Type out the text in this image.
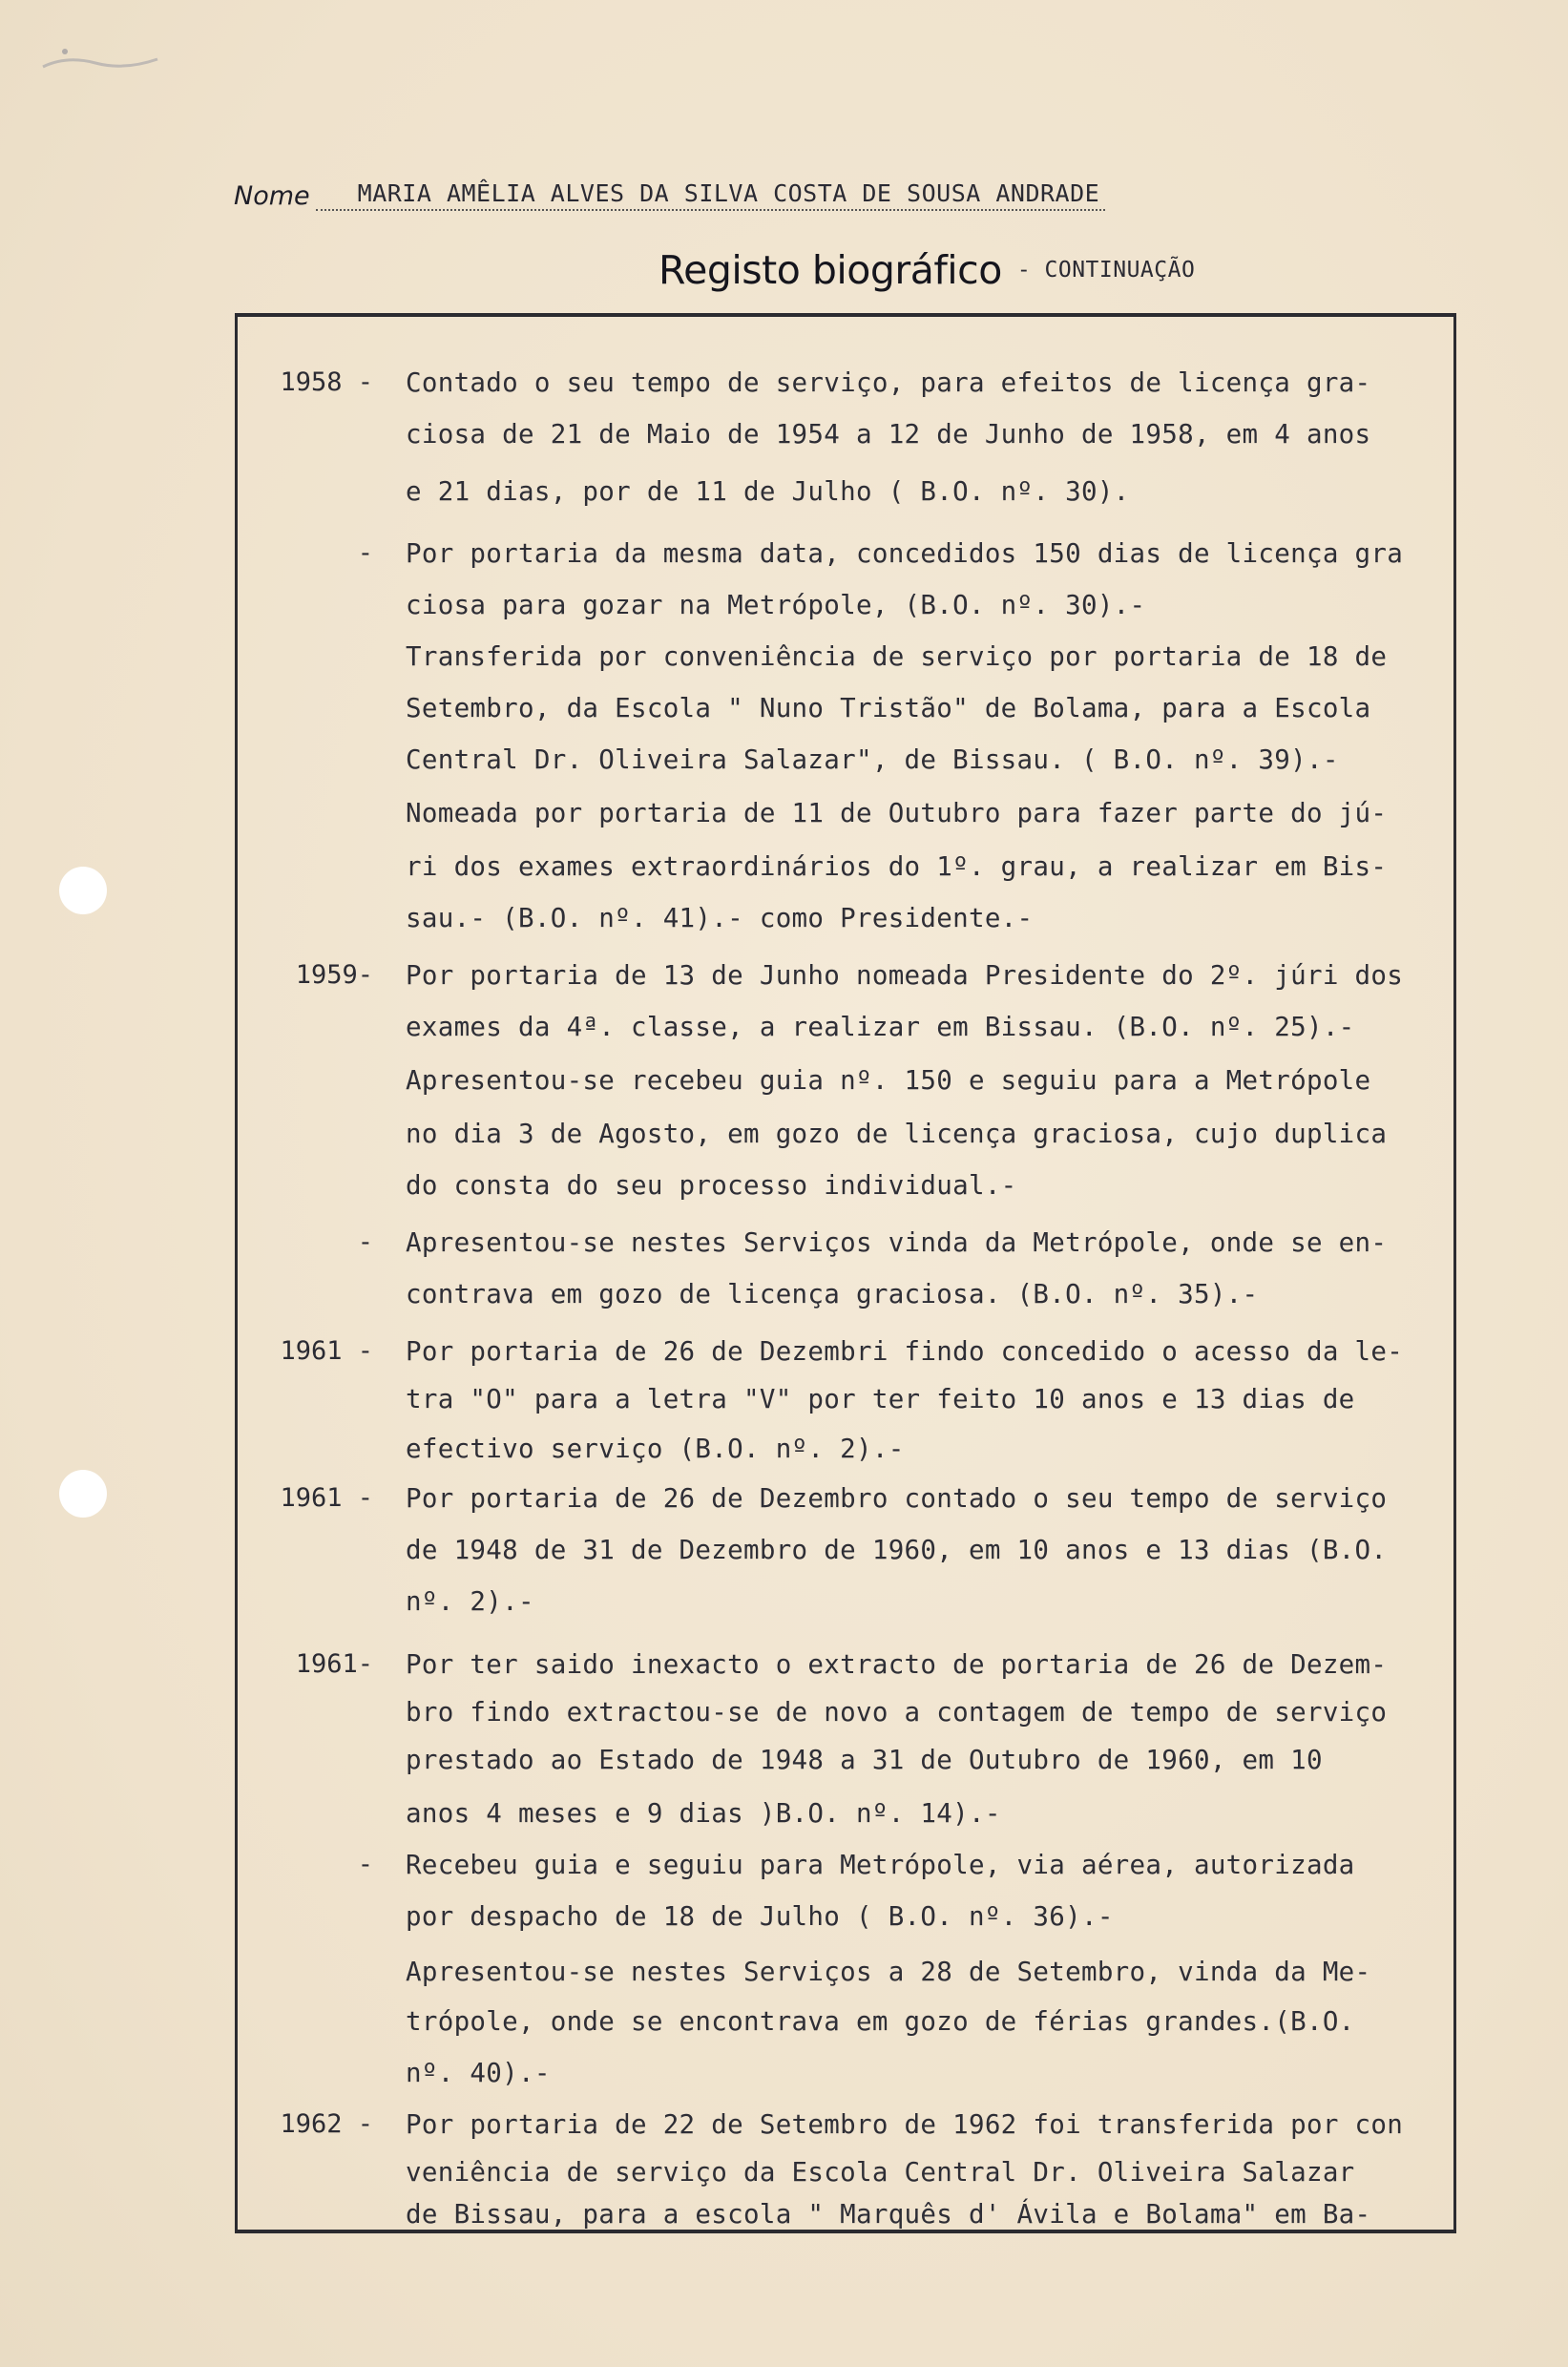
Nome	MARIA AMÊLIA ALVES DA SILVA COSTA DE SOUSA ANDRADE
Registo biográfico - CONTINUAÇÃO
1958 - Contado o seu tempo de serviço, para efeitos de licença gra-
ciosa de 21 de Maio de 1954 a 12 de Junho de 1958, em 4 anos
e 21 dias, por de 11 de Julho ( B.O. nº. 30).
- Por portaria da mesma data, concedidos 150 dias de licença gra
ciosa para gozar na Metrópole, (B.O. nº. 30).-
Transferida por conveniência de serviço por portaria de 18 de
Setembro, da Escola " Nuno Tristão" de Bolama, para a Escola
Central Dr. Oliveira Salazar", de Bissau. ( B.O. nº. 39).-
Nomeada por portaria de 11 de Outubro para fazer parte do jú-
ri dos exames extraordinários do 1º. grau, a realizar em Bis-
sau.- (B.O. nº. 41).- como Presidente.-
1959- Por portaria de 13 de Junho nomeada Presidente do 2º. júri dos
exames da 4ª. classe, a realizar em Bissau. (B.O. nº. 25).-
Apresentou-se recebeu guia nº. 150 e seguiu para a Metrópole
no dia 3 de Agosto, em gozo de licença graciosa, cujo duplica
do consta do seu processo individual.-
- Apresentou-se nestes Serviços vinda da Metrópole, onde se en-
contrava em gozo de licença graciosa. (B.O. nº. 35).-
1961 - Por portaria de 26 de Dezembri findo concedido o acesso da le-
tra "O" para a letra "V" por ter feito 10 anos e 13 dias de
efectivo serviço (B.O. nº. 2).-
1961 - Por portaria de 26 de Dezembro contado o seu tempo de serviço
de 1948 de 31 de Dezembro de 1960, em 10 anos e 13 dias (B.O.
nº. 2).-
1961- Por ter saido inexacto o extracto de portaria de 26 de Dezem-
bro findo extractou-se de novo a contagem de tempo de serviço
prestado ao Estado de 1948 a 31 de Outubro de 1960, em 10
anos 4 meses e 9 dias )B.O. nº. 14).-
- Recebeu guia e seguiu para Metrópole, via aérea, autorizada
por despacho de 18 de Julho ( B.O. nº. 36).-
Apresentou-se nestes Serviços a 28 de Setembro, vinda da Me-
trópole, onde se encontrava em gozo de férias grandes.(B.O.
nº. 40).-
1962 - Por portaria de 22 de Setembro de 1962 foi transferida por con
veniência de serviço da Escola Central Dr. Oliveira Salazar
de Bissau, para a escola " Marquês d' Ávila e Bolama" em Ba-
